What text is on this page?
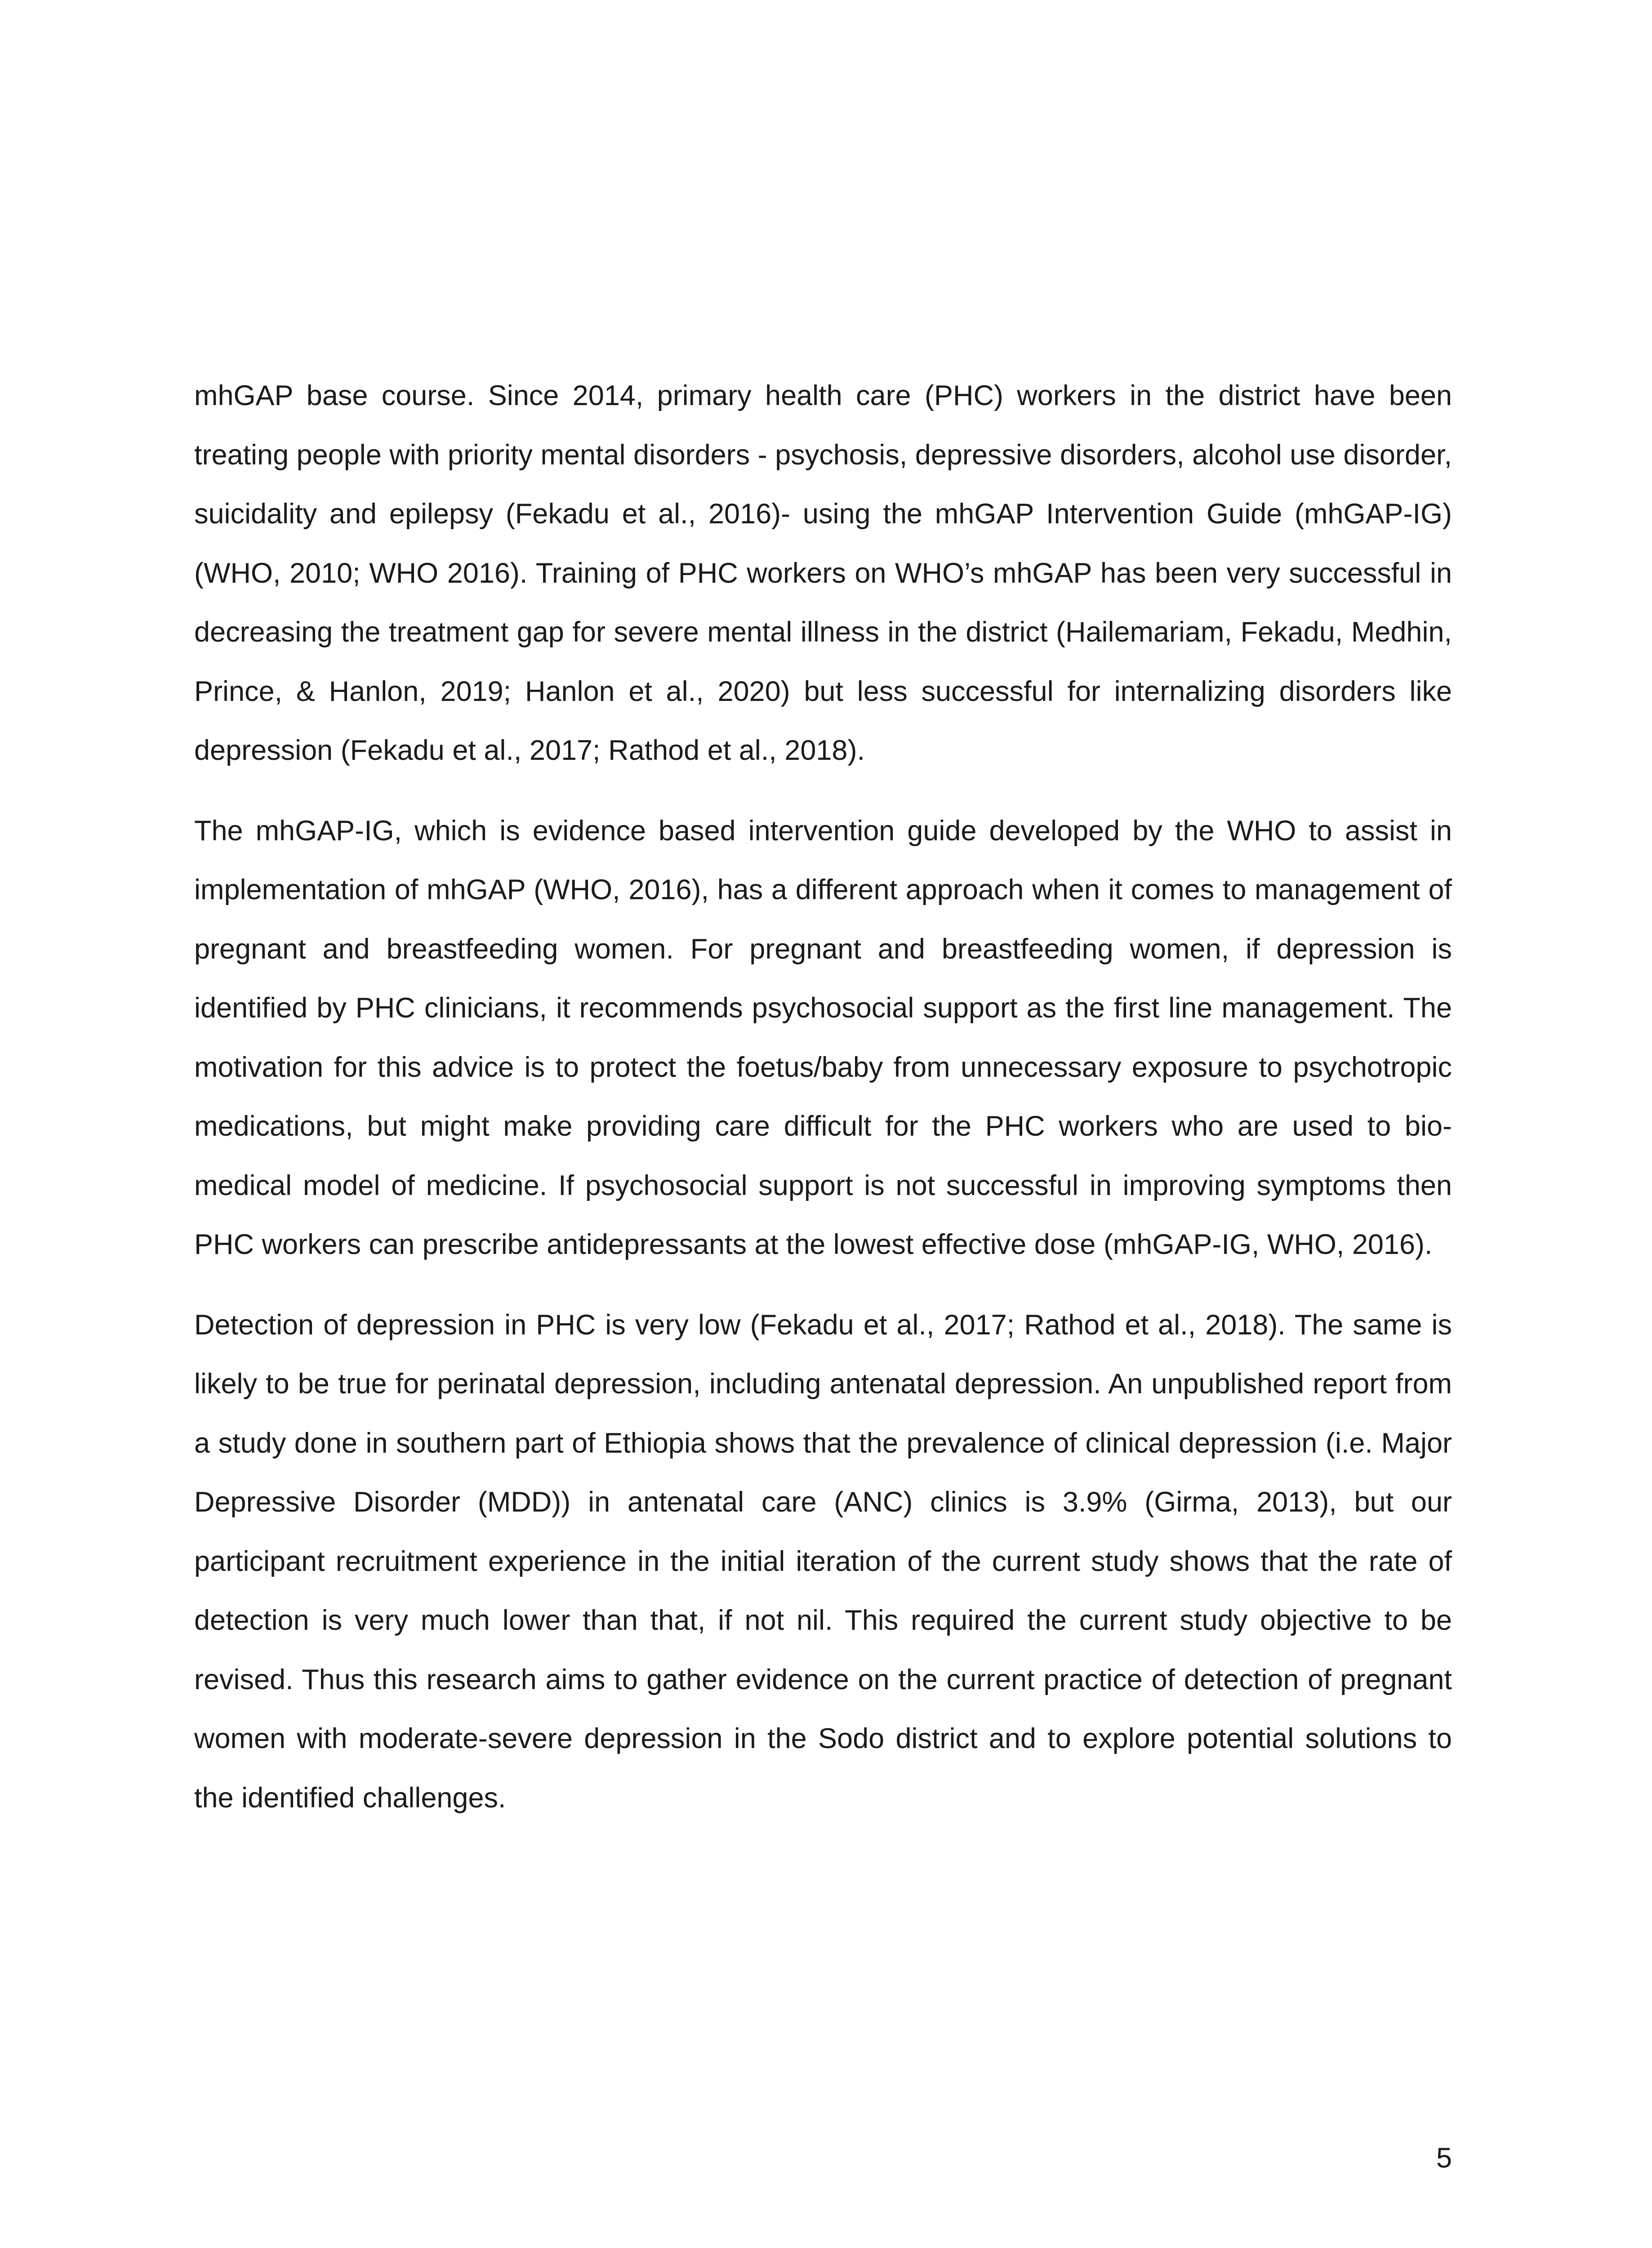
mhGAP base course. Since 2014, primary health care (PHC) workers in the district have been treating people with priority mental disorders - psychosis, depressive disorders, alcohol use disorder, suicidality and epilepsy (Fekadu et al., 2016)- using the mhGAP Intervention Guide (mhGAP-IG) (WHO, 2010; WHO 2016). Training of PHC workers on WHO’s mhGAP has been very successful in decreasing the treatment gap for severe mental illness in the district (Hailemariam, Fekadu, Medhin, Prince, & Hanlon, 2019; Hanlon et al., 2020) but less successful for internalizing disorders like depression (Fekadu et al., 2017; Rathod et al., 2018).

The mhGAP-IG, which is evidence based intervention guide developed by the WHO to assist in implementation of mhGAP (WHO, 2016), has a different approach when it comes to management of pregnant and breastfeeding women. For pregnant and breastfeeding women, if depression is identified by PHC clinicians, it recommends psychosocial support as the first line management. The motivation for this advice is to protect the foetus/baby from unnecessary exposure to psychotropic medications, but might make providing care difficult for the PHC workers who are used to bio-medical model of medicine. If psychosocial support is not successful in improving symptoms then PHC workers can prescribe antidepressants at the lowest effective dose (mhGAP-IG, WHO, 2016).

Detection of depression in PHC is very low (Fekadu et al., 2017; Rathod et al., 2018). The same is likely to be true for perinatal depression, including antenatal depression. An unpublished report from a study done in southern part of Ethiopia shows that the prevalence of clinical depression (i.e. Major Depressive Disorder (MDD)) in antenatal care (ANC) clinics is 3.9% (Girma, 2013), but our participant recruitment experience in the initial iteration of the current study shows that the rate of detection is very much lower than that, if not nil. This required the current study objective to be revised. Thus this research aims to gather evidence on the current practice of detection of pregnant women with moderate-severe depression in the Sodo district and to explore potential solutions to the identified challenges.

5
